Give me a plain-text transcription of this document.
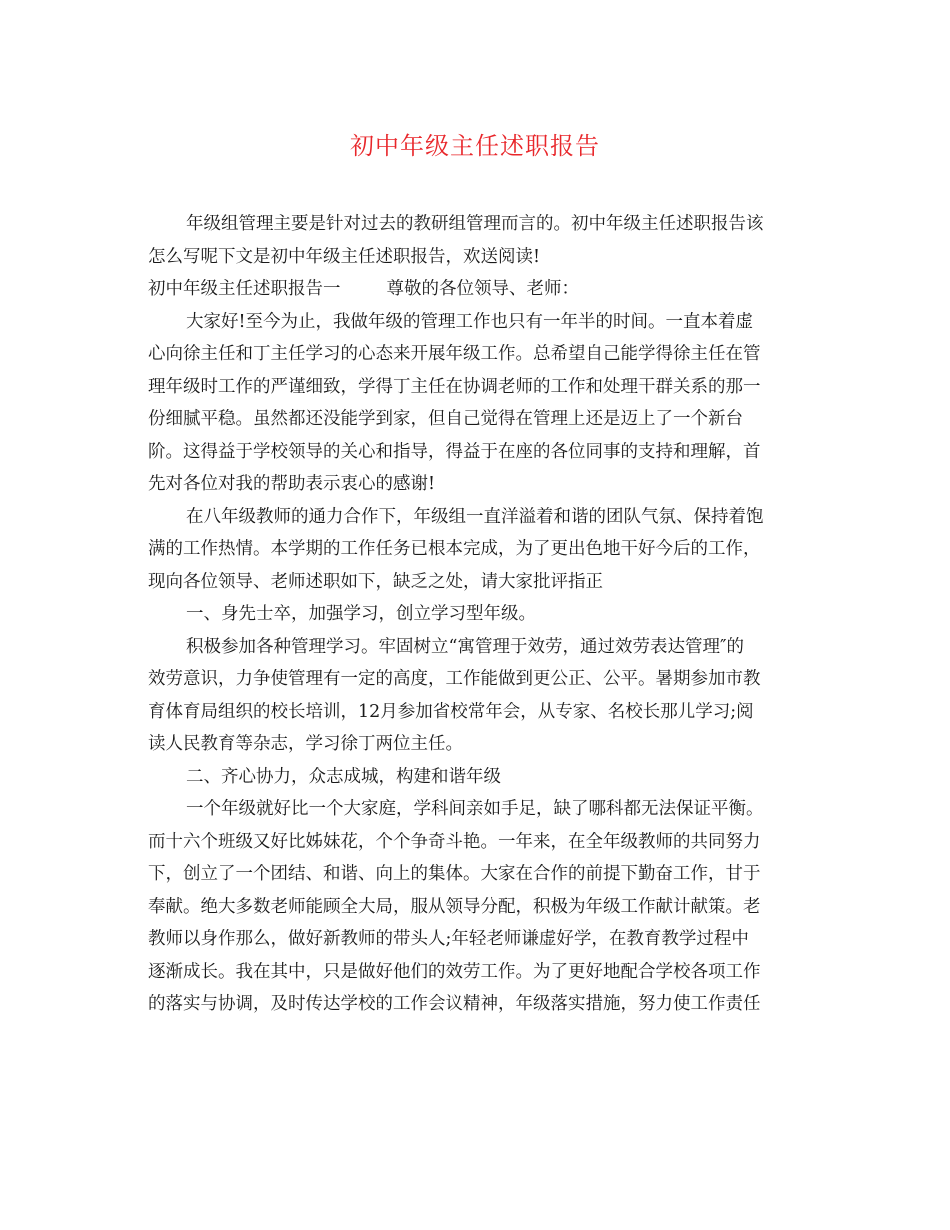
初中年级主任述职报告
年级组管理主要是针对过去的教研组管理而言的。初中年级主任述职报告该
怎么写呢下文是初中年级主任述职报告，欢送阅读!
初中年级主任述职报告一	尊敬的各位领导、老师：
大家好!至今为止，我做年级的管理工作也只有一年半的时间。一直本着虚
心向徐主任和丁主任学习的心态来开展年级工作。总希望自己能学得徐主任在管
理年级时工作的严谨细致，学得丁主任在协调老师的工作和处理干群关系的那一
份细腻平稳。虽然都还没能学到家，但自己觉得在管理上还是迈上了一个新台
阶。这得益于学校领导的关心和指导，得益于在座的各位同事的支持和理解，首
先对各位对我的帮助表示衷心的感谢!
在八年级教师的通力合作下，年级组一直洋溢着和谐的团队气氛、保持着饱
满的工作热情。本学期的工作任务已根本完成，为了更出色地干好今后的工作，
现向各位领导、老师述职如下，缺乏之处，请大家批评指正
一、身先士卒，加强学习，创立学习型年级。
积极参加各种管理学习。牢固树立“寓管理于效劳，通过效劳表达管理″的
效劳意识，力争使管理有一定的高度，工作能做到更公正、公平。暑期参加市教
育体育局组织的校长培训，12月参加省校常年会，从专家、名校长那儿学习;阅
读人民教育等杂志，学习徐丁两位主任。
二、齐心协力，众志成城，构建和谐年级
一个年级就好比一个大家庭，学科间亲如手足，缺了哪科都无法保证平衡。
而十六个班级又好比姊妹花，个个争奇斗艳。一年来，在全年级教师的共同努力
下，创立了一个团结、和谐、向上的集体。大家在合作的前提下勤奋工作，甘于
奉献。绝大多数老师能顾全大局，服从领导分配，积极为年级工作献计献策。老
教师以身作那么，做好新教师的带头人;年轻老师谦虚好学，在教育教学过程中
逐渐成长。我在其中，只是做好他们的效劳工作。为了更好地配合学校各项工作
的落实与协调，及时传达学校的工作会议精神，年级落实措施，努力使工作责任
